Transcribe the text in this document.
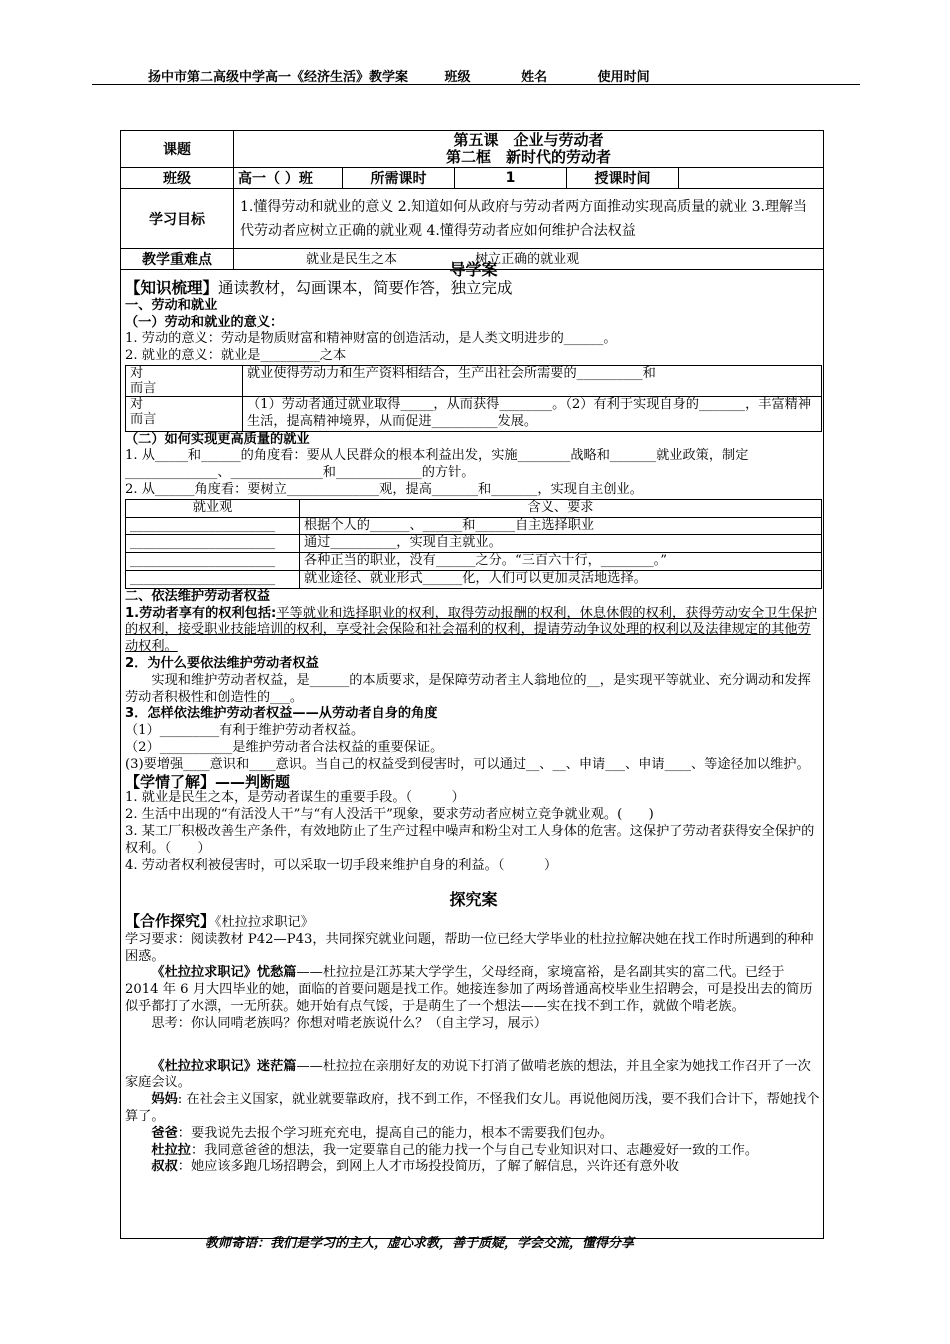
扬中市第二高级中学高一《经济生活》教学案	班级	姓名	使用时间
课题	第五课　企业与劳动者
第二框　新时代的劳动者				

班级	高一（ ）班	所需课时	1	授课时间	
学习目标	1.懂得劳动和就业的意义 2.知道如何从政府与劳动者两方面推动实现高质量的就业 3.理解当代劳动者应树立正确的就业观 4.懂得劳动者应如何维护合法权益				
教学重难点	就业是民生之本 树立正确的就业观				

导学案

【知识梳理】通读教材，勾画课本，简要作答，独立完成

一、劳动和就业

（一）劳动和就业的意义：

1. 劳动的意义：劳动是物质财富和精神财富的创造活动，是人类文明进步的______。

2. 就业的意义：就业是_________之本

对
而言	就业使得劳动力和生产资料相结合，生产出社会所需要的__________和
对
而言	（1）劳动者通过就业取得_____，从而获得________。（2）有利于实现自身的_______，丰富精神生活，提高精神境界，从而促进__________发展。

（二）如何实现更高质量的就业

1. 从_____和______的角度看：要从人民群众的根本利益出发，实施________战略和_______就业政策，制定______________、______________和_____________的方针。

2. 从______角度看：要树立______________观，提高_______和_______，实现自主创业。

就业观	含义、要求
______________________	根据个人的______、______和______自主选择职业
______________________	通过__________，实现自主就业。
______________________	各种正当的职业，没有______之分。“三百六十行，________。”
______________________	就业途径、就业形式______化，人们可以更加灵活地选择。

二、依法维护劳动者权益

1.劳动者享有的权利包括:平等就业和选择职业的权利，取得劳动报酬的权利，休息休假的权利，获得劳动安全卫生保护的权利，接受职业技能培训的权利，享受社会保险和社会福利的权利，提请劳动争议处理的权利以及法律规定的其他劳动权利。

2．为什么要依法维护劳动者权益

实现和维护劳动者权益，是______的本质要求，是保障劳动者主人翁地位的__，是实现平等就业、充分调动和发挥劳动者积极性和创造性的___。

3．怎样依法维护劳动者权益——从劳动者自身的角度

（1）_________有利于维护劳动者权益。

（2）___________是维护劳动者合法权益的重要保证。

(3)要增强____意识和____意识。当自己的权益受到侵害时，可以通过__、__、申请___、申请____、等途径加以维护。

【学情了解】——判断题

1. 就业是民生之本，是劳动者谋生的重要手段。（　　　）

2. 生活中出现的“有活没人干”与“有人没活干”现象，要求劳动者应树立竞争就业观。(　　)

3. 某工厂积极改善生产条件，有效地防止了生产过程中噪声和粉尘对工人身体的危害。这保护了劳动者获得安全保护的权利。（　　）

4. 劳动者权利被侵害时，可以采取一切手段来维护自身的利益。（　　　）

探究案

【合作探究】《杜拉拉求职记》

学习要求：阅读教材 P42—P43，共同探究就业问题，帮助一位已经大学毕业的杜拉拉解决她在找工作时所遇到的种种困惑。

《杜拉拉求职记》忧愁篇——杜拉拉是江苏某大学学生，父母经商，家境富裕，是名副其实的富二代。已经于 2014 年 6 月大四毕业的她，面临的首要问题是找工作。她接连参加了两场普通高校毕业生招聘会，可是投出去的简历似乎都打了水漂，一无所获。她开始有点气馁，于是萌生了一个想法——实在找不到工作，就做个啃老族。

思考：你认同啃老族吗？你想对啃老族说什么？（自主学习，展示）

《杜拉拉求职记》迷茫篇——杜拉拉在亲朋好友的劝说下打消了做啃老族的想法，并且全家为她找工作召开了一次家庭会议。

妈妈: 在社会主义国家，就业就要靠政府，找不到工作，不怪我们女儿。再说他阅历浅，要不我们合计下，帮她找个算了。

爸爸：要我说先去报个学习班充充电，提高自己的能力，根本不需要我们包办。

杜拉拉：我同意爸爸的想法，我一定要靠自己的能力找一个与自己专业知识对口、志趣爱好一致的工作。

叔叔：她应该多跑几场招聘会，到网上人才市场投投简历，了解了解信息，兴许还有意外收

教师寄语：我们是学习的主人，虚心求教，善于质疑，学会交流，懂得分享
